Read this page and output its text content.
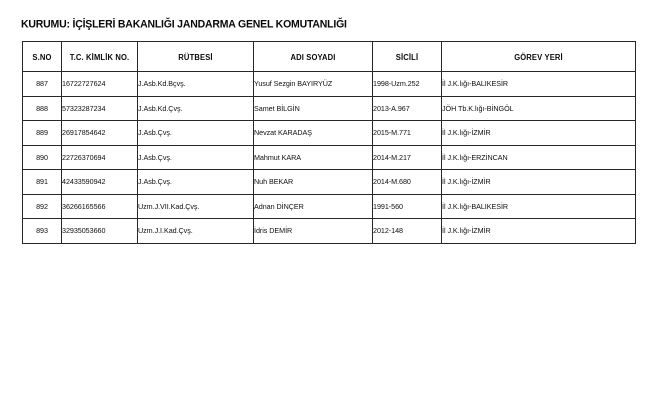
KURUMU: İÇİŞLERİ BAKANLIĞI JANDARMA GENEL KOMUTANLIĞI
S.NO	T.C. KİMLİK NO.	RÜTBESİ	ADI SOYADI	SİCİLİ	GÖREV YERİ
887	16722727624	J.Asb.Kd.Bçvş.	Yusuf Sezgin BAYIRYÜZ	1998-Uzm.252	İl J.K.lığı-BALIKESİR
888	57323287234	J.Asb.Kd.Çvş.	Samet BİLGİN	2013-A.967	JÖH Tb.K.lığı-BİNGÖL
889	26917854642	J.Asb.Çvş.	Nevzat KARADAŞ	2015-M.771	İl J.K.lığı-İZMİR
890	22726370694	J.Asb.Çvş.	Mahmut KARA	2014-M.217	İl J.K.lığı-ERZİNCAN
891	42433590942	J.Asb.Çvş.	Nuh BEKAR	2014-M.680	İl J.K.lığı-İZMİR
892	36266165566	Uzm.J.VII.Kad.Çvş.	Adnan DİNÇER	1991-560	İl J.K.lığı-BALIKESİR
893	32935053660	Uzm.J.I.Kad.Çvş.	İdris DEMİR	2012-148	İl J.K.lığı-İZMİR
